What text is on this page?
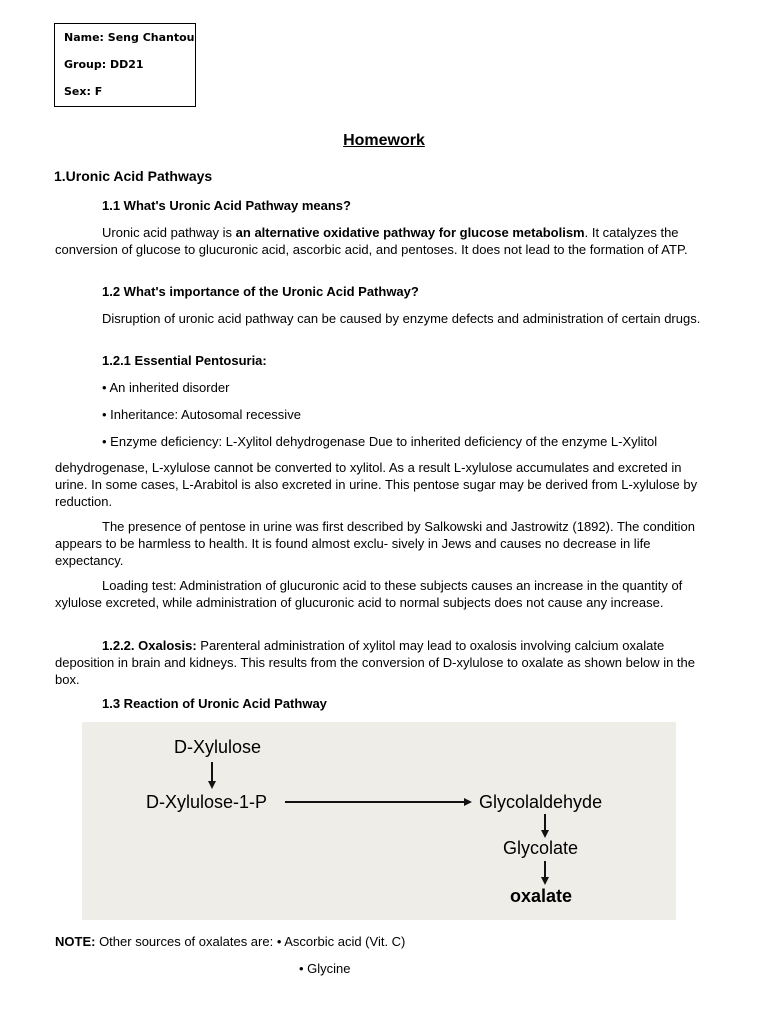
Name: Seng Chantou
Group: DD21
Sex: F
Homework
1.Uronic Acid Pathways
1.1 What's Uronic Acid Pathway means?
Uronic acid pathway is an alternative oxidative pathway for glucose metabolism. It catalyzes the conversion of glucose to glucuronic acid, ascorbic acid, and pentoses. It does not lead to the formation of ATP.
1.2 What's importance of the Uronic Acid Pathway?
Disruption of uronic acid pathway can be caused by enzyme defects and administration of certain drugs.
1.2.1 Essential Pentosuria:
• An inherited disorder
• Inheritance: Autosomal recessive
• Enzyme deficiency: L-Xylitol dehydrogenase Due to inherited deficiency of the enzyme L-Xylitol
dehydrogenase, L-xylulose cannot be converted to xylitol. As a result L-xylulose accumulates and excreted in urine. In some cases, L-Arabitol is also excreted in urine. This pentose sugar may be derived from L-xylulose by reduction.
The presence of pentose in urine was first described by Salkowski and Jastrowitz (1892). The condition appears to be harmless to health. It is found almost exclu- sively in Jews and causes no decrease in life expectancy.
Loading test: Administration of glucuronic acid to these subjects causes an increase in the quantity of xylulose excreted, while administration of glucuronic acid to normal subjects does not cause any increase.
1.2.2. Oxalosis: Parenteral administration of xylitol may lead to oxalosis involving calcium oxalate deposition in brain and kidneys. This results from the conversion of D-xylulose to oxalate as shown below in the box.
1.3 Reaction of Uronic Acid Pathway
D-Xylulose
D-Xylulose-1-P	Glycolaldehyde
Glycolate
oxalate
NOTE: Other sources of oxalates are: • Ascorbic acid (Vit. C)
• Glycine
